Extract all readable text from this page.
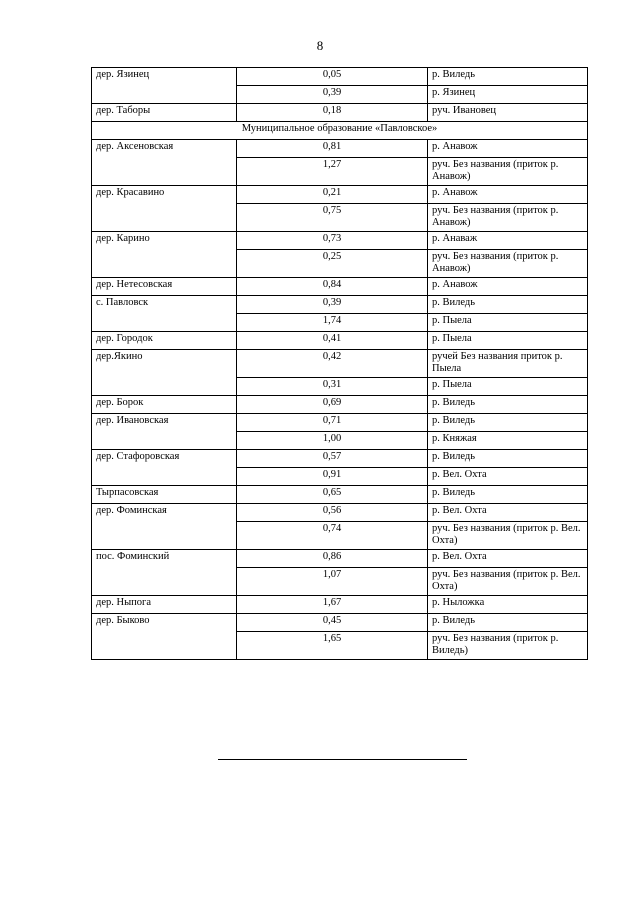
8
дер. Язинец	0,05	р. Виледь
	0,39	р. Язинец
дер. Таборы	0,18	руч. Ивановец
Муниципальное образование «Павловское»		
дер. Аксеновская	0,81	р. Анавож
	1,27	руч. Без названия (приток р. Анавож)
дер. Красавино	0,21	р. Анавож
	0,75	руч. Без названия (приток р. Анавож)
дер. Карино	0,73	р. Анаваж
	0,25	руч. Без названия (приток р. Анавож)
дер. Нетесовская	0,84	р. Анавож
с. Павловск	0,39	р. Виледь
	1,74	р. Пыела
дер. Городок	0,41	р. Пыела
дер.Якино	0,42	ручей Без названия приток р. Пыела
	0,31	р. Пыела
дер. Борок	0,69	р. Виледь
дер. Ивановская	0,71	р. Виледь
	1,00	р. Княжая
дер. Стафоровская	0,57	р. Виледь
	0,91	р. Вел. Охта
Тырпасовская	0,65	р. Виледь
дер. Фоминская	0,56	р. Вел. Охта
	0,74	руч. Без названия (приток р. Вел. Охта)
пос. Фоминский	0,86	р. Вел. Охта
	1,07	руч. Без названия (приток р. Вел. Охта)
дер. Ныпога	1,67	р. Ныложка
дер. Быково	0,45	р. Виледь
	1,65	руч. Без названия (приток р. Виледь)
